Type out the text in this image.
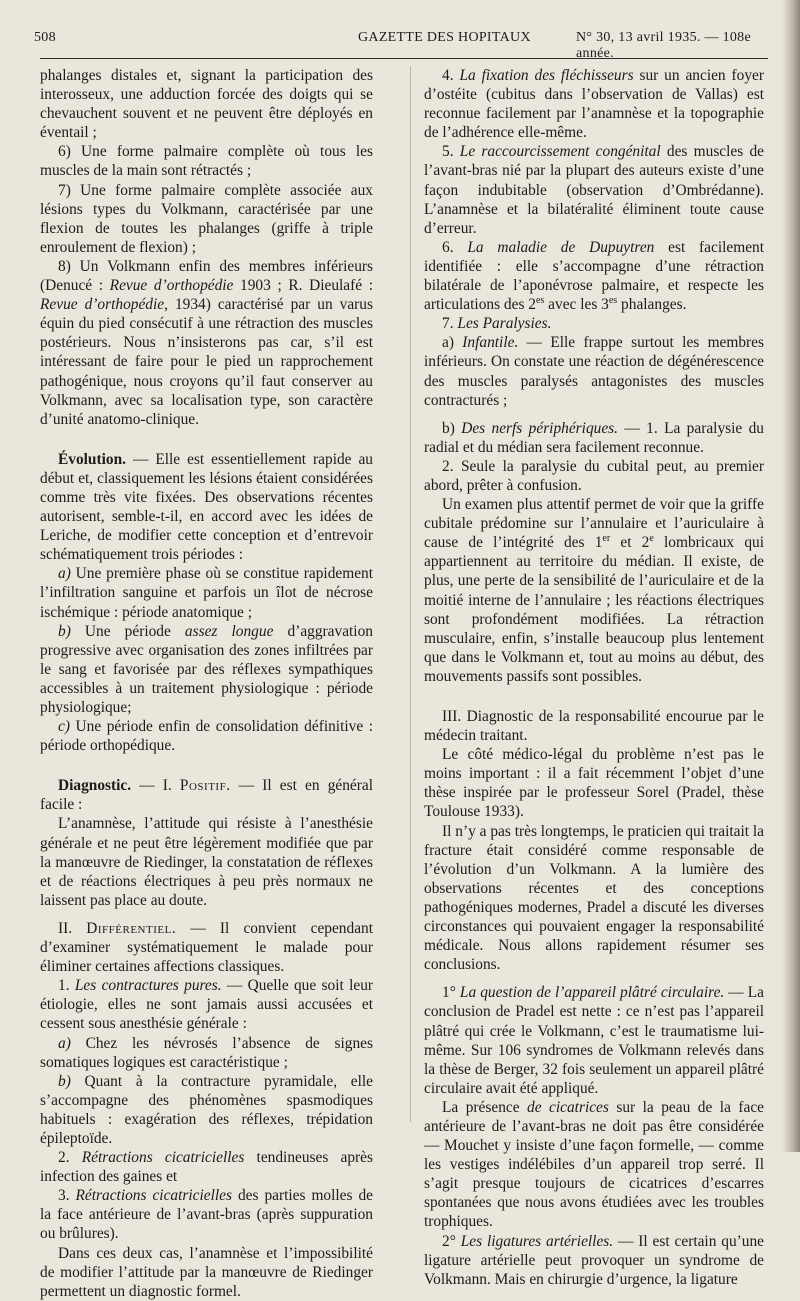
508	GAZETTE DES HOPITAUX	N° 30, 13 avril 1935. — 108e année.

phalanges distales et, signant la participation des interosseux, une adduction forcée des doigts qui se chevauchent souvent et ne peuvent être déployés en éventail ;

6) Une forme palmaire complète où tous les muscles de la main sont rétractés ;

7) Une forme palmaire complète associée aux lésions types du Volkmann, caractérisée par une flexion de toutes les phalanges (griffe à triple enroulement de flexion) ;

8) Un Volkmann enfin des membres inférieurs (Denucé : Revue d’orthopédie 1903 ; R. Dieulafé : Revue d’orthopédie, 1934) caractérisé par un varus équin du pied consécutif à une rétraction des muscles postérieurs. Nous n’insisterons pas car, s’il est intéressant de faire pour le pied un rapprochement pathogénique, nous croyons qu’il faut conserver au Volkmann, avec sa localisation type, son caractère d’unité anatomo-clinique.

Évolution. — Elle est essentiellement rapide au début et, classiquement les lésions étaient considérées comme très vite fixées. Des observations récentes autorisent, semble-t-il, en accord avec les idées de Leriche, de modifier cette conception et d’entrevoir schématiquement trois périodes :

a) Une première phase où se constitue rapidement l’infiltration sanguine et parfois un îlot de nécrose ischémique : période anatomique ;

b) Une période assez longue d’aggravation progressive avec organisation des zones infiltrées par le sang et favorisée par des réflexes sympathiques accessibles à un traitement physiologique : période physiologique;

c) Une période enfin de consolidation définitive : période orthopédique.

Diagnostic. — I. Positif. — Il est en général facile :

L’anamnèse, l’attitude qui résiste à l’anesthésie générale et ne peut être légèrement modifiée que par la manœuvre de Riedinger, la constatation de réflexes et de réactions électriques à peu près normaux ne laissent pas place au doute.

II. Différentiel. — Il convient cependant d’examiner systématiquement le malade pour éliminer certaines affections classiques.

1. Les contractures pures. — Quelle que soit leur étiologie, elles ne sont jamais aussi accusées et cessent sous anesthésie générale :

a) Chez les névrosés l’absence de signes somatiques logiques est caractéristique ;

b) Quant à la contracture pyramidale, elle s’accompagne des phénomènes spasmodiques habituels : exagération des réflexes, trépidation épileptoïde.

2. Rétractions cicatricielles tendineuses après infection des gaines et

3. Rétractions cicatricielles des parties molles de la face antérieure de l’avant-bras (après suppuration ou brûlures).

Dans ces deux cas, l’anamnèse et l’impossibilité de modifier l’attitude par la manœuvre de Riedinger permettent un diagnostic formel.

4. La fixation des fléchisseurs sur un ancien foyer d’ostéite (cubitus dans l’observation de Vallas) est reconnue facilement par l’anamnèse et la topographie de l’adhérence elle-même.

5. Le raccourcissement congénital des muscles de l’avant-bras nié par la plupart des auteurs existe d’une façon indubitable (observation d’Ombrédanne). L’anamnèse et la bilatéralité éliminent toute cause d’erreur.

6. La maladie de Dupuytren est facilement identifiée : elle s’accompagne d’une rétraction bilatérale de l’aponévrose palmaire, et respecte les articulations des $2^{es}$ avec les $3^{es}$ phalanges.

7. Les Paralysies.

a) Infantile. — Elle frappe surtout les membres inférieurs. On constate une réaction de dégénérescence des muscles paralysés antagonistes des muscles contracturés ;

b) Des nerfs périphériques. — 1. La paralysie du radial et du médian sera facilement reconnue.

2. Seule la paralysie du cubital peut, au premier abord, prêter à confusion.

Un examen plus attentif permet de voir que la griffe cubitale prédomine sur l’annulaire et l’auriculaire à cause de l’intégrité des 1er et 2e lombricaux qui appartiennent au territoire du médian. Il existe, de plus, une perte de la sensibilité de l’auriculaire et de la moitié interne de l’annulaire ; les réactions électriques sont profondément modifiées. La rétraction musculaire, enfin, s’installe beaucoup plus lentement que dans le Volkmann et, tout au moins au début, des mouvements passifs sont possibles.

III. Diagnostic de la responsabilité encourue par le médecin traitant.

Le côté médico-légal du problème n’est pas le moins important : il a fait récemment l’objet d’une thèse inspirée par le professeur Sorel (Pradel, thèse Toulouse 1933).

Il n’y a pas très longtemps, le praticien qui traitait la fracture était considéré comme responsable de l’évolution d’un Volkmann. A la lumière des observations récentes et des conceptions pathogéniques modernes, Pradel a discuté les diverses circonstances qui pouvaient engager la responsabilité médicale. Nous allons rapidement résumer ses conclusions.

1° La question de l’appareil plâtré circulaire. — La conclusion de Pradel est nette : ce n’est pas l’appareil plâtré qui crée le Volkmann, c’est le traumatisme lui-même. Sur 106 syndromes de Volkmann relevés dans la thèse de Berger, 32 fois seulement un appareil plâtré circulaire avait été appliqué.

La présence de cicatrices sur la peau de la face antérieure de l’avant-bras ne doit pas être considérée — Mouchet y insiste d’une façon formelle, — comme les vestiges indélébiles d’un appareil trop serré. Il s’agit presque toujours de cicatrices d’escarres spontanées que nous avons étudiées avec les troubles trophiques.

2° Les ligatures artérielles. — Il est certain qu’une ligature artérielle peut provoquer un syndrome de Volkmann. Mais en chirurgie d’urgence, la ligature
